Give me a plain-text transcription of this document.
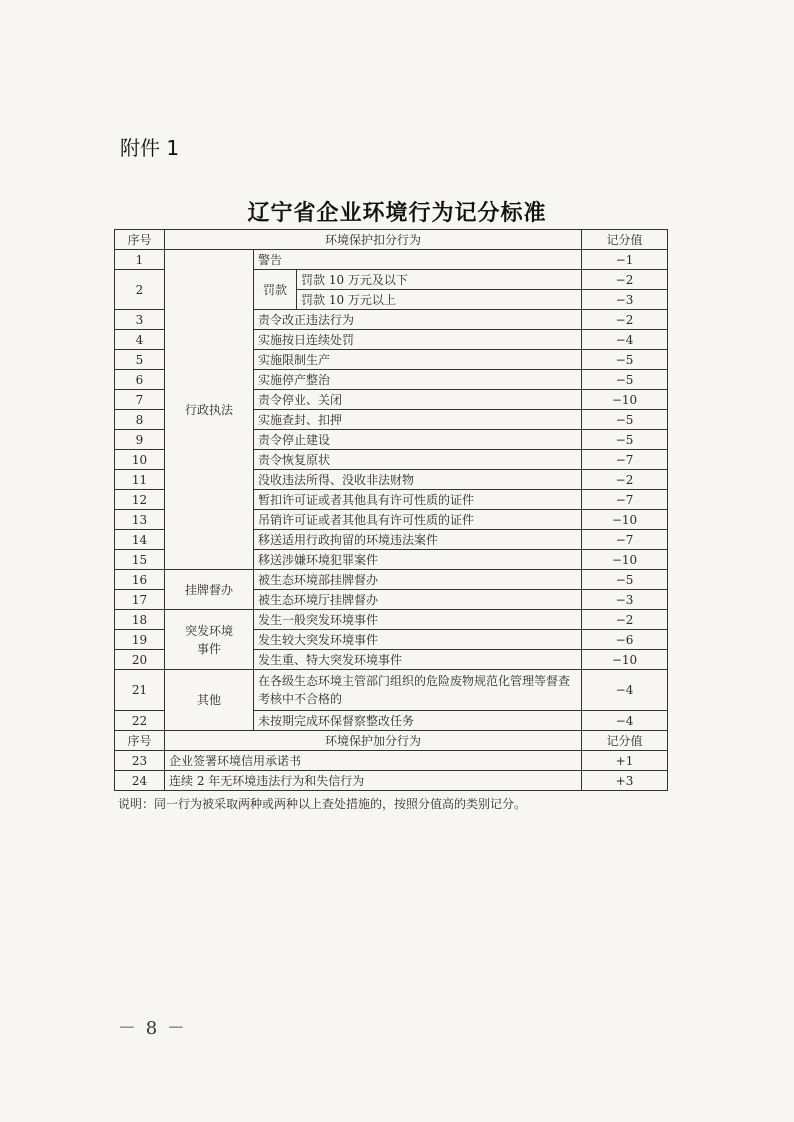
附件 1
辽宁省企业环境行为记分标准
序号	环境保护扣分行为			记分值
1	行政执法	警告		−1
2		罚款	罚款 10 万元及以下	−2
			罚款 10 万元以上	−3
3		责令改正违法行为		−2
4		实施按日连续处罚		−4
5		实施限制生产		−5
6		实施停产整治		−5
7		责令停业、关闭		−10
8		实施查封、扣押		−5
9		责令停止建设		−5
10		责令恢复原状		−7
11		没收违法所得、没收非法财物		−2
12		暂扣许可证或者其他具有许可性质的证件		−7
13		吊销许可证或者其他具有许可性质的证件		−10
14		移送适用行政拘留的环境违法案件		−7
15		移送涉嫌环境犯罪案件		−10
16	挂牌督办	被生态环境部挂牌督办		−5
17		被生态环境厅挂牌督办		−3
18	突发环境事件	发生一般突发环境事件		−2
19		发生较大突发环境事件		−6
20		发生重、特大突发环境事件		−10
21	其他	在各级生态环境主管部门组织的危险废物规范化管理等督查考核中不合格的		−4
22		未按期完成环保督察整改任务		−4
序号	环境保护加分行为			记分值
23	企业签署环境信用承诺书			+1
24	连续 2 年无环境违法行为和失信行为			+3
说明：同一行为被采取两种或两种以上查处措施的，按照分值高的类别记分。
－ 8 －
